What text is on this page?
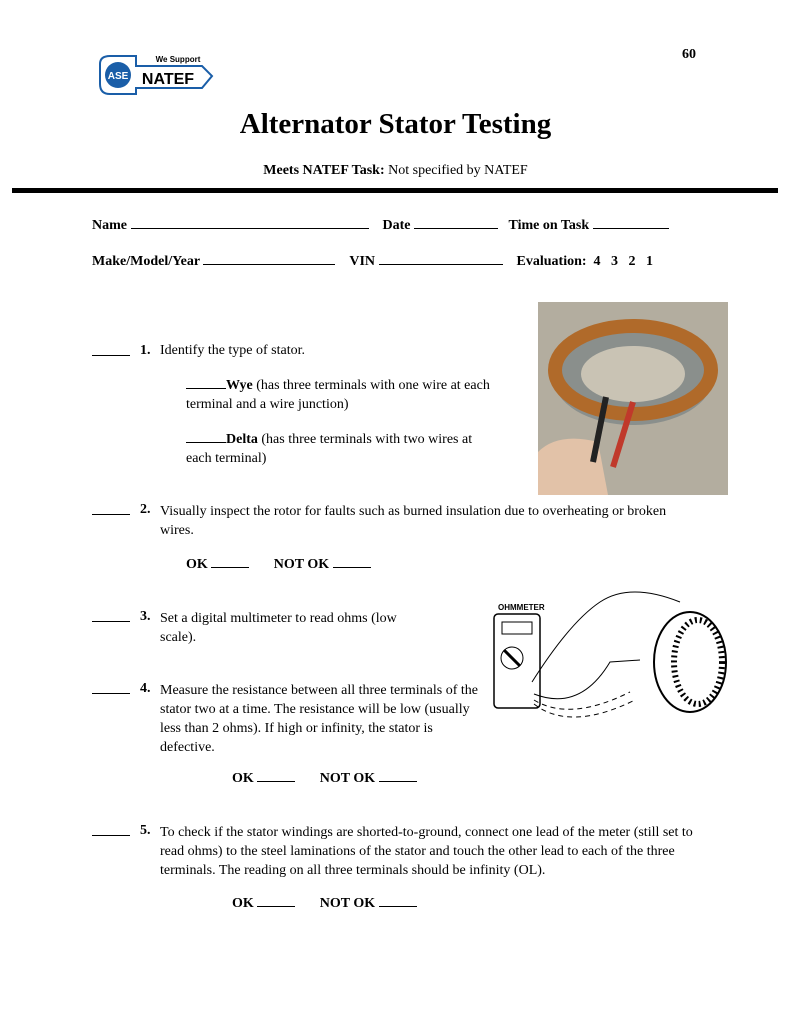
ASE
We Support
NATEF
60
Alternator Stator Testing
Meets NATEF Task: Not specified by NATEF
Name	Date	Time on Task
Make/Model/Year	VIN	Evaluation: 4 3 2 1
1. Identify the type of stator.
Wye (has three terminals with one wire at each terminal and a wire junction)
Delta (has three terminals with two wires at each terminal)
2. Visually inspect the rotor for faults such as burned insulation due to overheating or broken wires.
OK	NOT OK
3. Set a digital multimeter to read ohms (low scale).
4. Measure the resistance between all three terminals of the stator two at a time. The resistance will be low (usually less than 2 ohms). If high or infinity, the stator is defective.
OHMMETER
OK	NOT OK
5. To check if the stator windings are shorted-to-ground, connect one lead of the meter (still set to read ohms) to the steel laminations of the stator and touch the other lead to each of the three terminals. The reading on all three terminals should be infinity (OL).
OK	NOT OK
